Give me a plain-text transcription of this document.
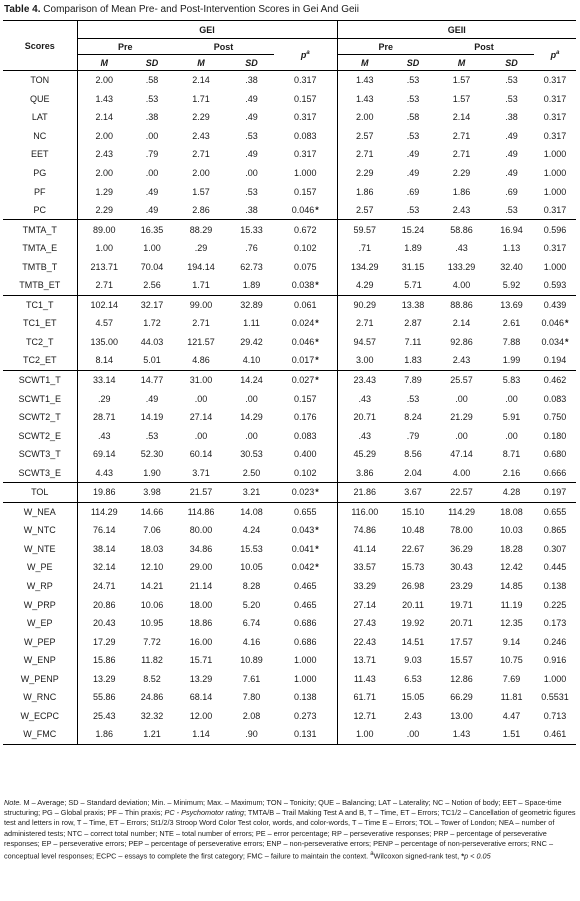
Table 4. Comparison of Mean Pre- and Post-Intervention Scores in Gei And Geii
Scores	GEI					GEII				
	Pre		Post		$p^a$	Pre		Post		$p^a$
	M	SD	M	SD		M	SD	M	SD	
TON	2.00	.58	2.14	.38	0.317	1.43	.53	1.57	.53	0.317
QUE	1.43	.53	1.71	.49	0.157	1.43	.53	1.57	.53	0.317
LAT	2.14	.38	2.29	.49	0.317	2.00	.58	2.14	.38	0.317
NC	2.00	.00	2.43	.53	0.083	2.57	.53	2.71	.49	0.317
EET	2.43	.79	2.71	.49	0.317	2.71	.49	2.71	.49	1.000
PG	2.00	.00	2.00	.00	1.000	2.29	.49	2.29	.49	1.000
PF	1.29	.49	1.57	.53	0.157	1.86	.69	1.86	.69	1.000
PC	2.29	.49	2.86	.38	0.046*	2.57	.53	2.43	.53	0.317
TMTA_T	89.00	16.35	88.29	15.33	0.672	59.57	15.24	58.86	16.94	0.596
TMTA_E	1.00	1.00	.29	.76	0.102	.71	1.89	.43	1.13	0.317
TMTB_T	213.71	70.04	194.14	62.73	0.075	134.29	31.15	133.29	32.40	1.000
TMTB_ET	2.71	2.56	1.71	1.89	0.038*	4.29	5.71	4.00	5.92	0.593
TC1_T	102.14	32.17	99.00	32.89	0.061	90.29	13.38	88.86	13.69	0.439
TC1_ET	4.57	1.72	2.71	1.11	0.024*	2.71	2.87	2.14	2.61	0.046*
TC2_T	135.00	44.03	121.57	29.42	0.046*	94.57	7.11	92.86	7.88	0.034*
TC2_ET	8.14	5.01	4.86	4.10	0.017*	3.00	1.83	2.43	1.99	0.194
SCWT1_T	33.14	14.77	31.00	14.24	0.027*	23.43	7.89	25.57	5.83	0.462
SCWT1_E	.29	.49	.00	.00	0.157	.43	.53	.00	.00	0.083
SCWT2_T	28.71	14.19	27.14	14.29	0.176	20.71	8.24	21.29	5.91	0.750
SCWT2_E	.43	.53	.00	.00	0.083	.43	.79	.00	.00	0.180
SCWT3_T	69.14	52.30	60.14	30.53	0.400	45.29	8.56	47.14	8.71	0.680
SCWT3_E	4.43	1.90	3.71	2.50	0.102	3.86	2.04	4.00	2.16	0.666
TOL	19.86	3.98	21.57	3.21	0.023*	21.86	3.67	22.57	4.28	0.197
W_NEA	114.29	14.66	114.86	14.08	0.655	116.00	15.10	114.29	18.08	0.655
W_NTC	76.14	7.06	80.00	4.24	0.043*	74.86	10.48	78.00	10.03	0.865
W_NTE	38.14	18.03	34.86	15.53	0.041*	41.14	22.67	36.29	18.28	0.307
W_PE	32.14	12.10	29.00	10.05	0.042*	33.57	15.73	30.43	12.42	0.445
W_RP	24.71	14.21	21.14	8.28	0.465	33.29	26.98	23.29	14.85	0.138
W_PRP	20.86	10.06	18.00	5.20	0.465	27.14	20.11	19.71	11.19	0.225
W_EP	20.43	10.95	18.86	6.74	0.686	27.43	19.92	20.71	12.35	0.173
W_PEP	17.29	7.72	16.00	4.16	0.686	22.43	14.51	17.57	9.14	0.246
W_ENP	15.86	11.82	15.71	10.89	1.000	13.71	9.03	15.57	10.75	0.916
W_PENP	13.29	8.52	13.29	7.61	1.000	11.43	6.53	12.86	7.69	1.000
W_RNC	55.86	24.86	68.14	7.80	0.138	61.71	15.05	66.29	11.81	0.5531
W_ECPC	25.43	32.32	12.00	2.08	0.273	12.71	2.43	13.00	4.47	0.713
W_FMC	1.86	1.21	1.14	.90	0.131	1.00	.00	1.43	1.51	0.461
Note. M – Average; SD – Standard deviation; Min. – Minimum; Max. – Maximum; TON – Tonicity; QUE – Balancing; LAT – Laterality; NC – Notion of body; EET – Space-time structuring; PG – Global praxis; PF – Thin praxis; PC - Psychomotor rating; TMTA/B – Trail Making Test A and B, T – Time, ET – Errors; TC1/2 – Cancellation of geometric figures test and letters in row, T – Time, ET – Errors; St1/2/3 Stroop Word Color Test color, words, and color-words, T – Time E – Errors; TOL – Tower of London; NEA – number of administered tests; NTC – correct total number; NTE – total number of errors; PE – error percentage; RP – perseverative responses; PRP – percentage of perseverative responses; EP – perseverative errors; PEP – percentage of perseverative errors; ENP – non-perseverative errors; PENP – percentage of non-perseverative errors; RNC – conceptual level responses; ECPC – essays to complete the first category; FMC – failure to maintain the context. $^a$Wilcoxon signed-rank test, *p < 0.05
